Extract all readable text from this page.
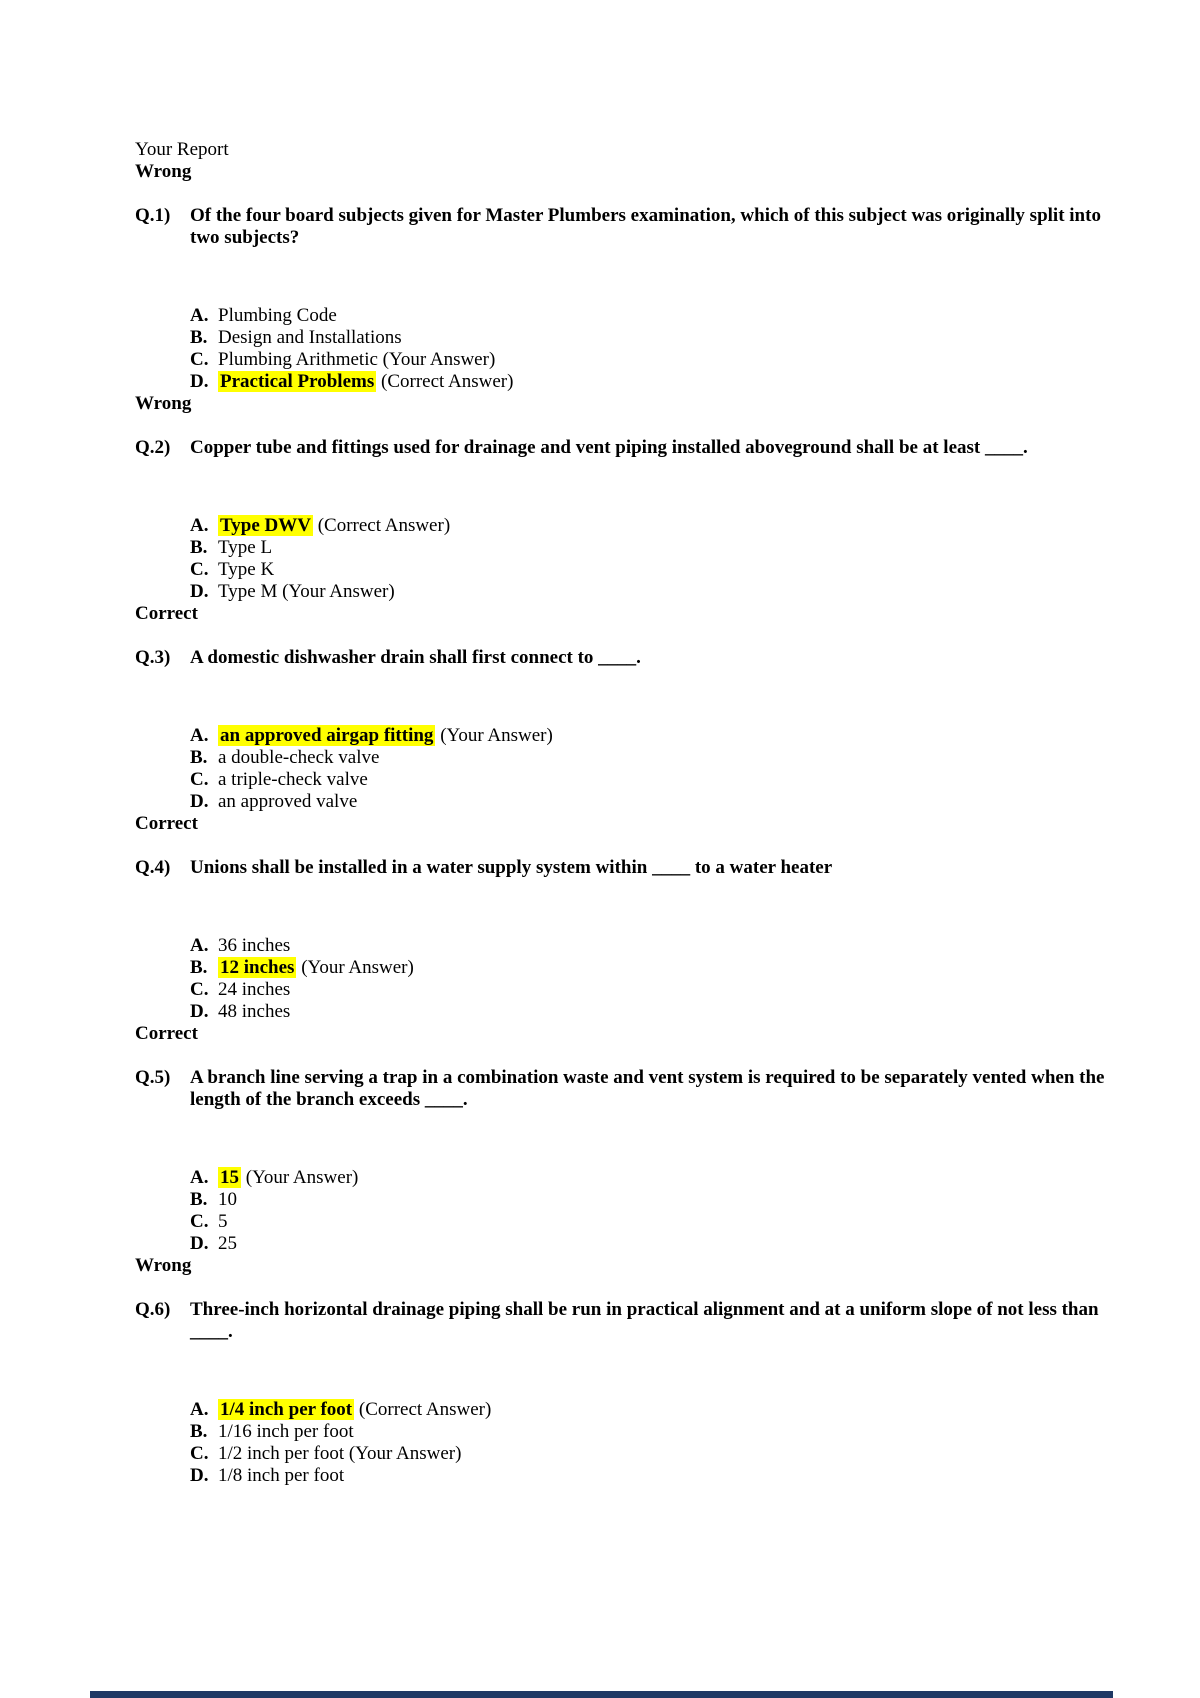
Your Report
Wrong
Q.1)	Of the four board subjects given for Master Plumbers examination, which of this subject was originally split into two subjects?
A. Plumbing Code
B. Design and Installations
C. Plumbing Arithmetic (Your Answer)
D. Practical Problems (Correct Answer)
Wrong
Q.2)	Copper tube and fittings used for drainage and vent piping installed aboveground shall be at least ____.
A. Type DWV (Correct Answer)
B. Type L
C. Type K
D. Type M (Your Answer)
Correct
Q.3)	A domestic dishwasher drain shall first connect to ____.
A. an approved airgap fitting (Your Answer)
B. a double-check valve
C. a triple-check valve
D. an approved valve
Correct
Q.4)	Unions shall be installed in a water supply system within ____ to a water heater
A. 36 inches
B. 12 inches (Your Answer)
C. 24 inches
D. 48 inches
Correct
Q.5)	A branch line serving a trap in a combination waste and vent system is required to be separately vented when the length of the branch exceeds ____.
A. 15 (Your Answer)
B. 10
C. 5
D. 25
Wrong
Q.6)	Three-inch horizontal drainage piping shall be run in practical alignment and at a uniform slope of not less than ____.
A. 1/4 inch per foot (Correct Answer)
B. 1/16 inch per foot
C. 1/2 inch per foot (Your Answer)
D. 1/8 inch per foot
